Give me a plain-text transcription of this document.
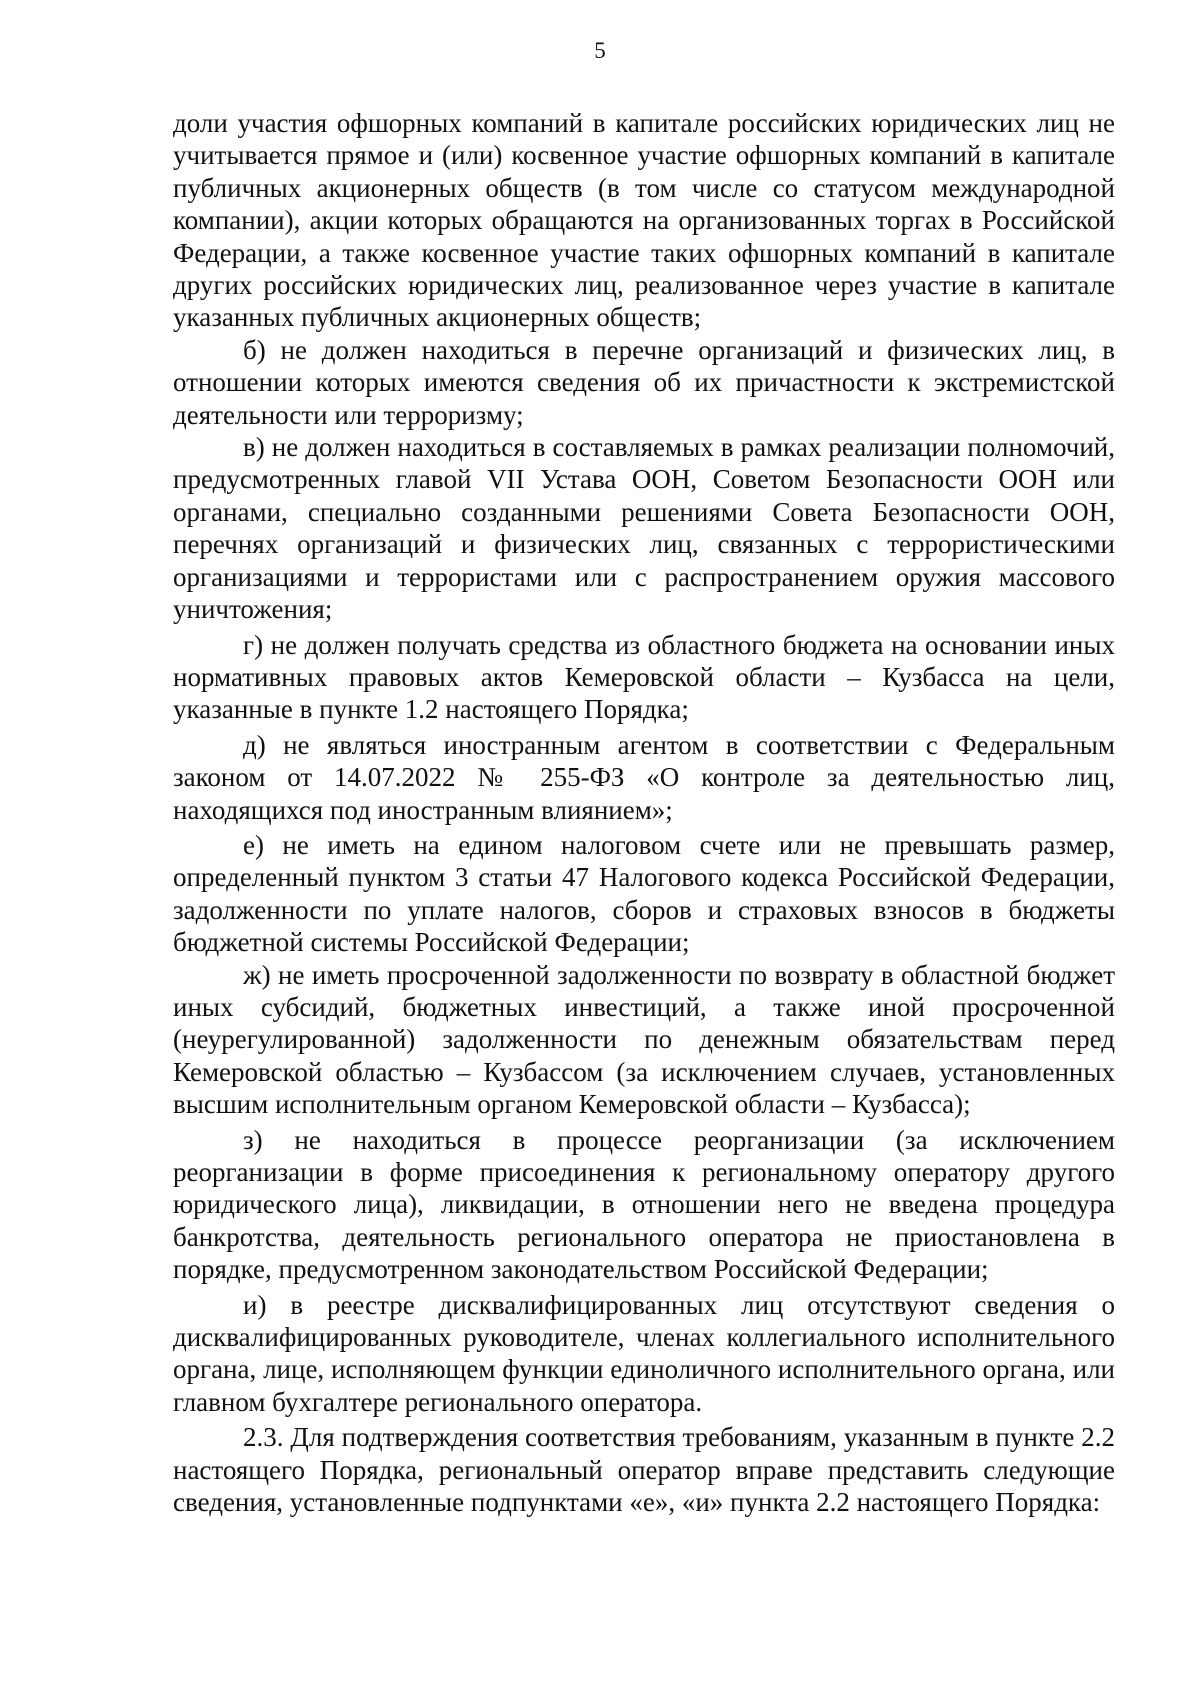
5

доли участия офшорных компаний в капитале российских юридических лиц не учитывается прямое и (или) косвенное участие офшорных компаний в капитале публичных акционерных обществ (в том числе со статусом международной компании), акции которых обращаются на организованных торгах в Российской Федерации, а также косвенное участие таких офшорных компаний в капитале других российских юридических лиц, реализованное через участие в капитале указанных публичных акционерных обществ;

б) не должен находиться в перечне организаций и физических лиц, в отношении которых имеются сведения об их причастности к экстремистской деятельности или терроризму;

в) не должен находиться в составляемых в рамках реализации полномочий, предусмотренных главой VII Устава ООН, Советом Безопасности ООН или органами, специально созданными решениями Совета Безопасности ООН, перечнях организаций и физических лиц, связанных с террористическими организациями и террористами или с распространением оружия массового уничтожения;

г) не должен получать средства из областного бюджета на основании иных нормативных правовых актов Кемеровской области – Кузбасса на цели, указанные в пункте 1.2 настоящего Порядка;

д) не являться иностранным агентом в соответствии с Федеральным законом от 14.07.2022 № 255-ФЗ «О контроле за деятельностью лиц, находящихся под иностранным влиянием»;

е) не иметь на едином налоговом счете или не превышать размер, определенный пунктом 3 статьи 47 Налогового кодекса Российской Федерации, задолженности по уплате налогов, сборов и страховых взносов в бюджеты бюджетной системы Российской Федерации;

ж) не иметь просроченной задолженности по возврату в областной бюджет иных субсидий, бюджетных инвестиций, а также иной просроченной (неурегулированной) задолженности по денежным обязательствам перед Кемеровской областью – Кузбассом (за исключением случаев, установленных высшим исполнительным органом Кемеровской области – Кузбасса);

з) не находиться в процессе реорганизации (за исключением реорганизации в форме присоединения к региональному оператору другого юридического лица), ликвидации, в отношении него не введена процедура банкротства, деятельность регионального оператора не приостановлена в порядке, предусмотренном законодательством Российской Федерации;

и) в реестре дисквалифицированных лиц отсутствуют сведения о дисквалифицированных руководителе, членах коллегиального исполнительного органа, лице, исполняющем функции единоличного исполнительного органа, или главном бухгалтере регионального оператора.

2.3. Для подтверждения соответствия требованиям, указанным в пункте 2.2 настоящего Порядка, региональный оператор вправе представить следующие сведения, установленные подпунктами «е», «и» пункта 2.2 настоящего Порядка:
